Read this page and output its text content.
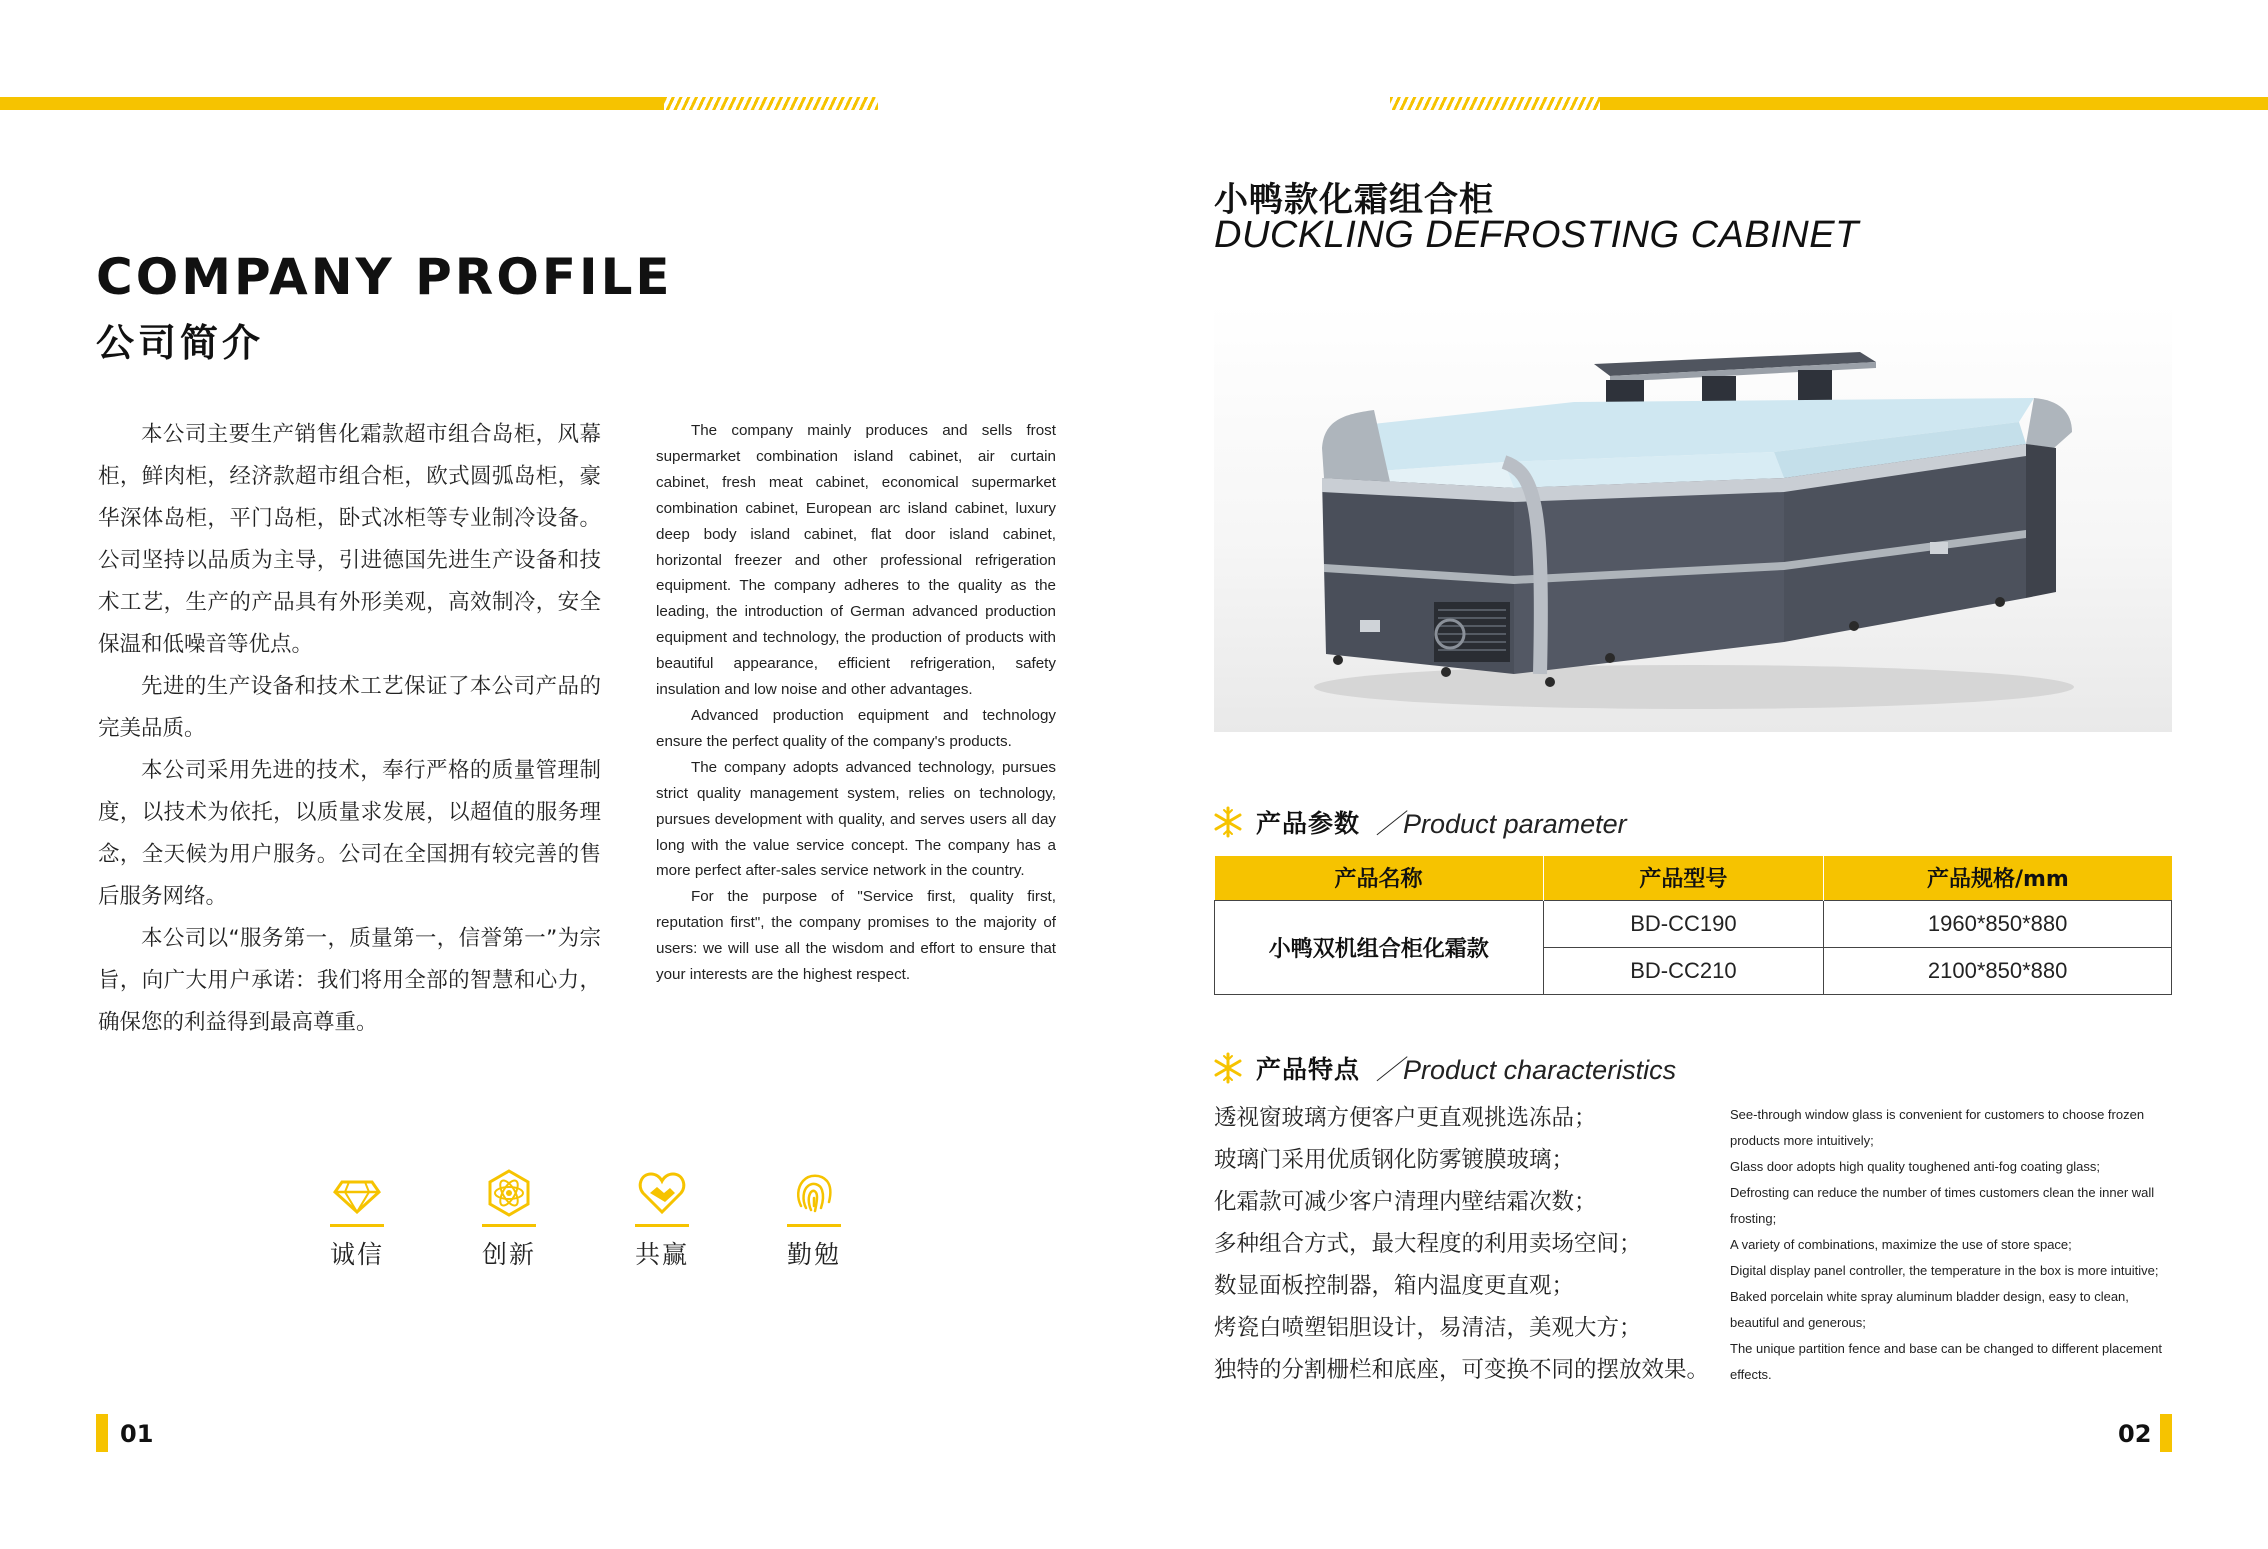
COMPANY PROFILE
公司简介

本公司主要生产销售化霜款超市组合岛柜，风幕柜，鲜肉柜，经济款超市组合柜，欧式圆弧岛柜，豪华深体岛柜，平门岛柜，卧式冰柜等专业制冷设备。公司坚持以品质为主导，引进德国先进生产设备和技术工艺，生产的产品具有外形美观，高效制冷，安全保温和低噪音等优点。

先进的生产设备和技术工艺保证了本公司产品的完美品质。

本公司采用先进的技术，奉行严格的质量管理制度，以技术为依托，以质量求发展，以超值的服务理念，全天候为用户服务。公司在全国拥有较完善的售后服务网络。

本公司以“服务第一，质量第一，信誉第一”为宗旨，向广大用户承诺：我们将用全部的智慧和心力，确保您的利益得到最高尊重。

The company mainly produces and sells frost supermarket combination island cabinet, air curtain cabinet, fresh meat cabinet, economical supermarket combination cabinet, European arc island cabinet, luxury deep body island cabinet, flat door island cabinet, horizontal freezer and other professional refrigeration equipment. The company adheres to the quality as the leading, the introduction of German advanced production equipment and technology, the production of products with beautiful appearance, efficient refrigeration, safety insulation and low noise and other advantages.

Advanced production equipment and technology ensure the perfect quality of the company's products.

The company adopts advanced technology, pursues strict quality management system, relies on technology, pursues development with quality, and serves users all day long with the value service concept. The company has a more perfect after-sales service network in the country.

For the purpose of "Service first, quality first, reputation first", the company promises to the majority of users: we will use all the wisdom and effort to ensure that your interests are the highest respect.

诚信	创新	共赢	勤勉
01
小鸭款化霜组合柜
DUCKLING DEFROSTING CABINET
产品参数 ／Product parameter
产品名称	产品型号	产品规格/mm
小鸭双机组合柜化霜款	BD-CC190	1960*850*880
	BD-CC210	2100*850*880
产品特点 ／Product characteristics
透视窗玻璃方便客户更直观挑选冻品；
玻璃门采用优质钢化防雾镀膜玻璃；
化霜款可减少客户清理内壁结霜次数；
多种组合方式，最大程度的利用卖场空间；
数显面板控制器，箱内温度更直观；
烤瓷白喷塑铝胆设计，易清洁，美观大方；
独特的分割栅栏和底座，可变换不同的摆放效果。
See-through window glass is convenient for customers to choose frozen products more intuitively;
Glass door adopts high quality toughened anti-fog coating glass;
Defrosting can reduce the number of times customers clean the inner wall frosting;
A variety of combinations, maximize the use of store space;
Digital display panel controller, the temperature in the box is more intuitive;
Baked porcelain white spray aluminum bladder design, easy to clean, beautiful and generous;
The unique partition fence and base can be changed to different placement effects.
02
